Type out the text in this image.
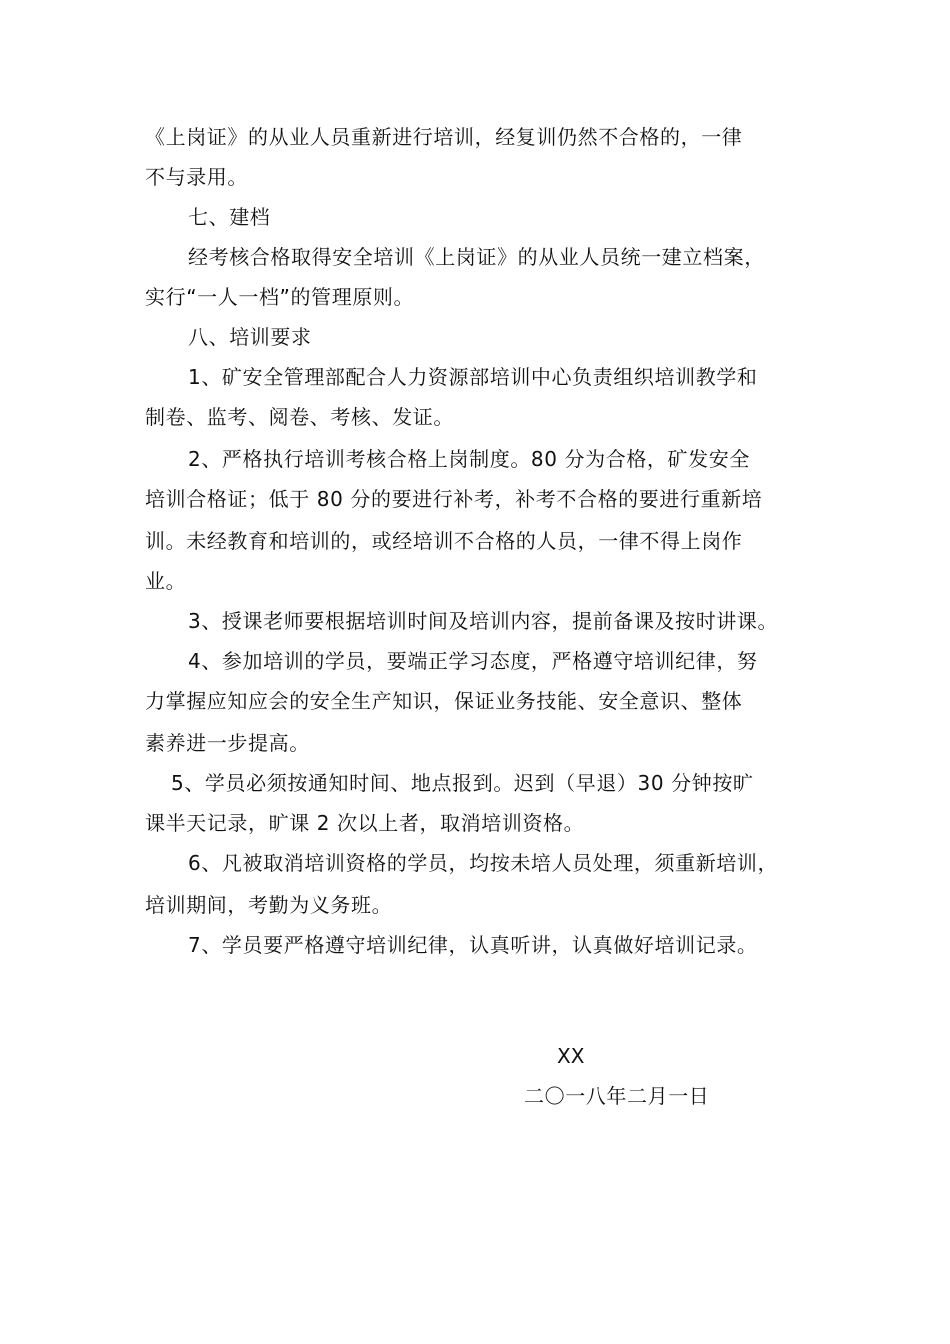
《上岗证》的从业人员重新进行培训，经复训仍然不合格的，一律
不与录用。
七、建档
经考核合格取得安全培训《上岗证》的从业人员统一建立档案，
实行“一人一档”的管理原则。
八、培训要求
1、矿安全管理部配合人力资源部培训中心负责组织培训教学和
制卷、监考、阅卷、考核、发证。
2、严格执行培训考核合格上岗制度。80 分为合格，矿发安全
培训合格证；低于 80 分的要进行补考，补考不合格的要进行重新培
训。未经教育和培训的，或经培训不合格的人员，一律不得上岗作
业。
3、授课老师要根据培训时间及培训内容，提前备课及按时讲课。
4、参加培训的学员，要端正学习态度，严格遵守培训纪律，努
力掌握应知应会的安全生产知识，保证业务技能、安全意识、整体
素养进一步提高。
5、学员必须按通知时间、地点报到。迟到（早退）30 分钟按旷
课半天记录，旷课 2 次以上者，取消培训资格。
6、凡被取消培训资格的学员，均按未培人员处理，须重新培训，
培训期间，考勤为义务班。
7、学员要严格遵守培训纪律，认真听讲，认真做好培训记录。
XX
二〇一八年二月一日
